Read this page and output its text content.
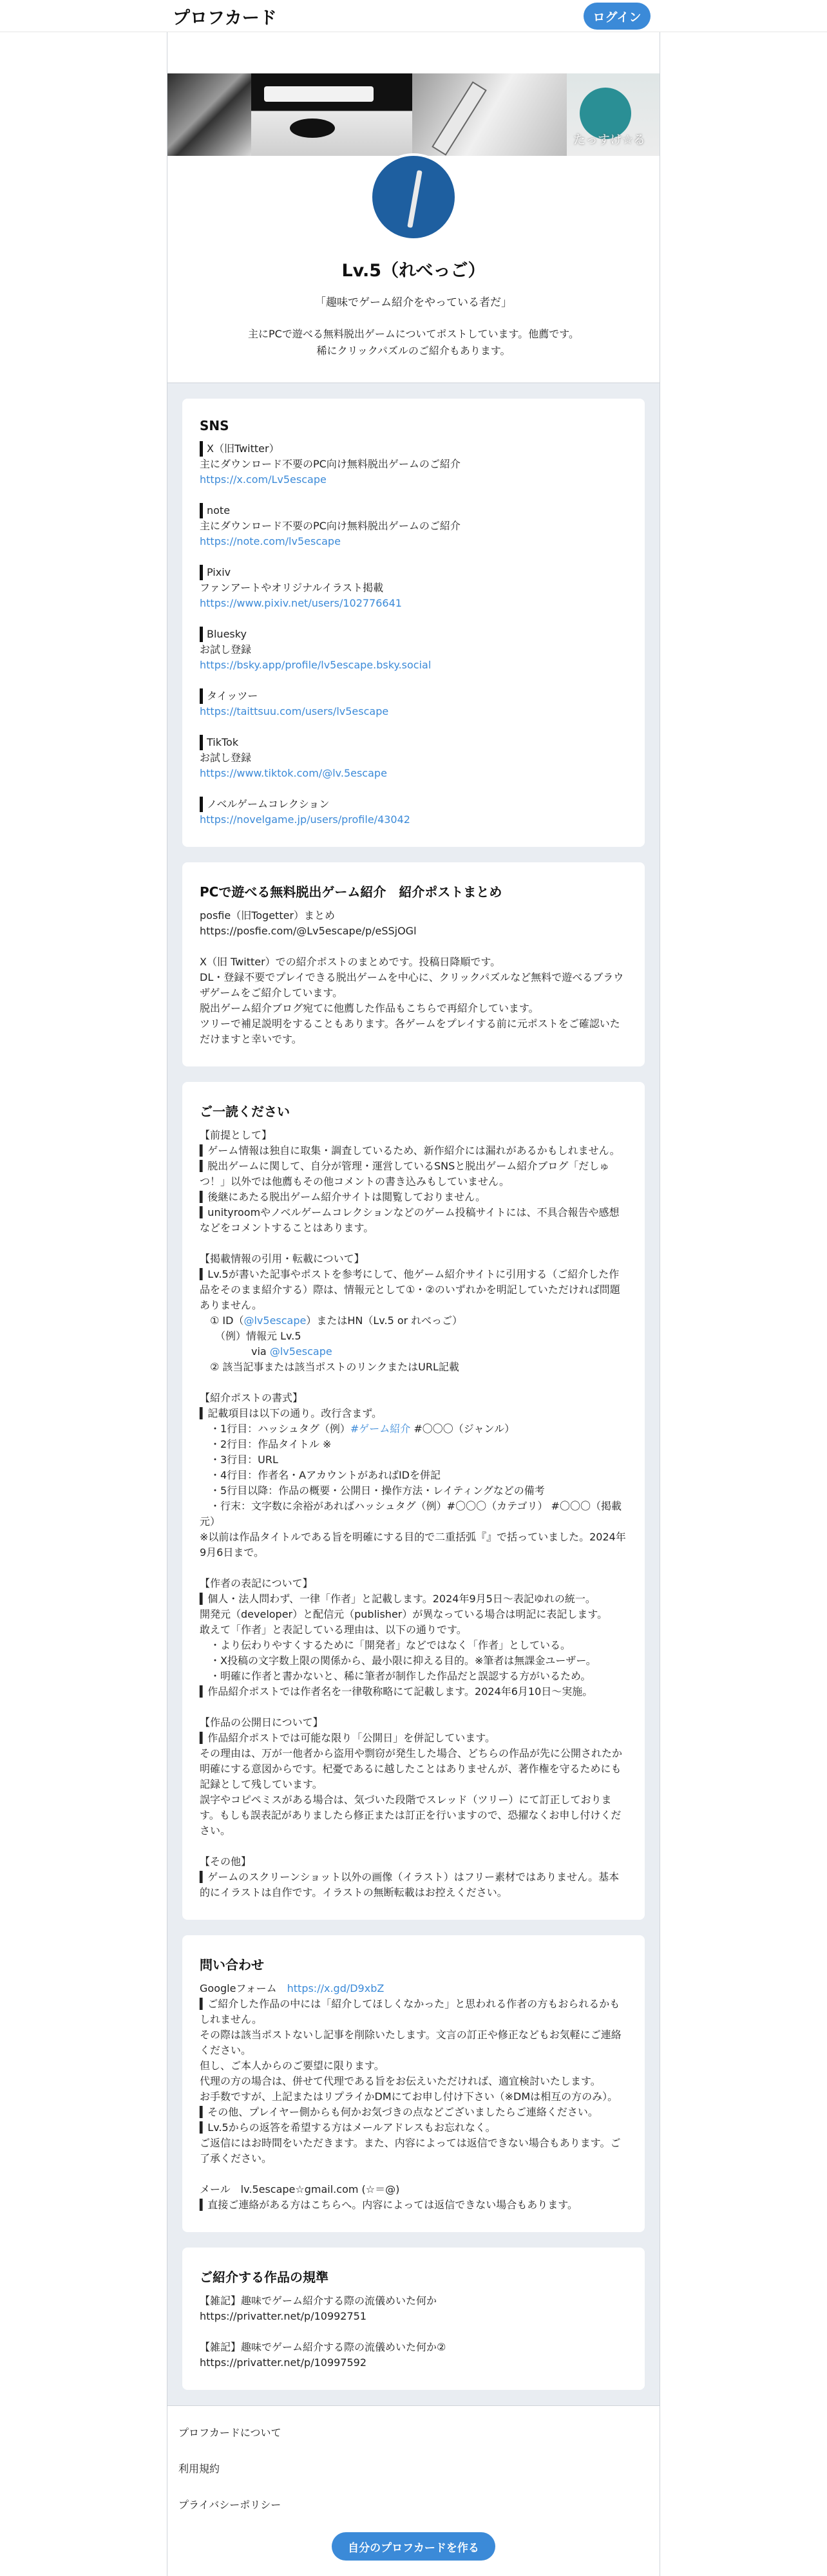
プロフカード	ログイン
たっすけ☆る
Lv.5（れべっご）
「趣味でゲーム紹介をやっている者だ」
主にPCで遊べる無料脱出ゲームについてポストしています。他薦です。
稀にクリックパズルのご紹介もあります。
SNS
X（旧Twitter）
主にダウンロード不要のPC向け無料脱出ゲームのご紹介
https://x.com/Lv5escape
note
主にダウンロード不要のPC向け無料脱出ゲームのご紹介
https://note.com/lv5escape
Pixiv
ファンアートやオリジナルイラスト掲載
https://www.pixiv.net/users/102776641
Bluesky
お試し登録
https://bsky.app/profile/lv5escape.bsky.social
タイッツー
https://taittsuu.com/users/lv5escape
TikTok
お試し登録
https://www.tiktok.com/@lv.5escape
ノベルゲームコレクション
https://novelgame.jp/users/profile/43042
PCで遊べる無料脱出ゲーム紹介　紹介ポストまとめ
posfie（旧Togetter）まとめ
https://posfie.com/@Lv5escape/p/eSSjOGl
X（旧 Twitter）での紹介ポストのまとめです。投稿日降順です。
DL・登録不要でプレイできる脱出ゲームを中心に、クリックパズルなど無料で遊べるブラウザゲームをご紹介しています。
脱出ゲーム紹介ブログ宛てに他薦した作品もこちらで再紹介しています。
ツリーで補足説明をすることもあります。各ゲームをプレイする前に元ポストをご確認いただけますと幸いです。
ご一読ください
【前提として】
▍ゲーム情報は独自に取集・調査しているため、新作紹介には漏れがあるかもしれません。
▍脱出ゲームに関して、自分が管理・運営しているSNSと脱出ゲーム紹介ブログ「だしゅつ！」以外では他薦もその他コメントの書き込みもしていません。
▍後継にあたる脱出ゲーム紹介サイトは閲覧しておりません。
▍unityroomやノベルゲームコレクションなどのゲーム投稿サイトには、不具合報告や感想などをコメントすることはあります。
【掲載情報の引用・転載について】
▍Lv.5が書いた記事やポストを参考にして、他ゲーム紹介サイトに引用する（ご紹介した作品をそのまま紹介する）際は、情報元として①・②のいずれかを明記していただければ問題ありません。
　① ID（@lv5escape）またはHN（Lv.5 or れべっご）
　　（例）情報元 Lv.5
　　　　　via @lv5escape
　② 該当記事または該当ポストのリンクまたはURL記載
【紹介ポストの書式】
▍記載項目は以下の通り。改行含まず。
　・1行目：ハッシュタグ（例）#ゲーム紹介 #〇〇〇（ジャンル）
　・2行目：作品タイトル ※
　・3行目：URL
　・4行目：作者名・AアカウントがあればIDを併記
　・5行目以降：作品の概要・公開日・操作方法・レイティングなどの備考
　・行末：文字数に余裕があればハッシュタグ（例）#〇〇〇（カテゴリ） #〇〇〇（掲載元）
※以前は作品タイトルである旨を明確にする目的で二重括弧『』で括っていました。2024年9月6日まで。
【作者の表記について】
▍個人・法人問わず、一律「作者」と記載します。2024年9月5日〜表記ゆれの統一。
開発元（developer）と配信元（publisher）が異なっている場合は明記に表記します。
敢えて「作者」と表記している理由は、以下の通りです。
　・より伝わりやすくするために「開発者」などではなく「作者」としている。
　・X投稿の文字数上限の関係から、最小限に抑える目的。※筆者は無課金ユーザー。
　・明確に作者と書かないと、稀に筆者が制作した作品だと誤認する方がいるため。
▍作品紹介ポストでは作者名を一律敬称略にて記載します。2024年6月10日〜実施。
【作品の公開日について】
▍作品紹介ポストでは可能な限り「公開日」を併記しています。
その理由は、万が一他者から盗用や剽窃が発生した場合、どちらの作品が先に公開されたか明確にする意図からです。杞憂であるに越したことはありませんが、著作権を守るためにも記録として残しています。
誤字やコピペミスがある場合は、気づいた段階でスレッド（ツリー）にて訂正しております。もしも誤表記がありましたら修正または訂正を行いますので、恐擢なくお申し付けください。
【その他】
▍ゲームのスクリーンショット以外の画像（イラスト）はフリー素材ではありません。基本的にイラストは自作です。イラストの無断転載はお控えください。
問い合わせ
Googleフォーム　https://x.gd/D9xbZ
▍ご紹介した作品の中には「紹介してほしくなかった」と思われる作者の方もおられるかもしれません。
その際は該当ポストないし記事を削除いたします。文言の訂正や修正などもお気軽にご連絡ください。
但し、ご本人からのご要望に限ります。
代理の方の場合は、併せて代理である旨をお伝えいただければ、適宜検討いたします。
お手数ですが、上記またはリプライかDMにてお申し付け下さい（※DMは相互の方のみ）。
▍その他、プレイヤー側からも何かお気づきの点などございましたらご連絡ください。
▍Lv.5からの返答を希望する方はメールアドレスもお忘れなく。
ご返信にはお時間をいただきます。また、内容によっては返信できない場合もあります。ご了承ください。

メール　lv.5escape☆gmail.com (☆＝@)
▍直接ご連絡がある方はこちらへ。内容によっては返信できない場合もあります。
ご紹介する作品の規準
【雑記】趣味でゲーム紹介する際の流儀めいた何か
https://privatter.net/p/10992751
【雑記】趣味でゲーム紹介する際の流儀めいた何か②
https://privatter.net/p/10997592
プロフカードについて
利用規約
プライバシーポリシー
自分のプロフカードを作る
